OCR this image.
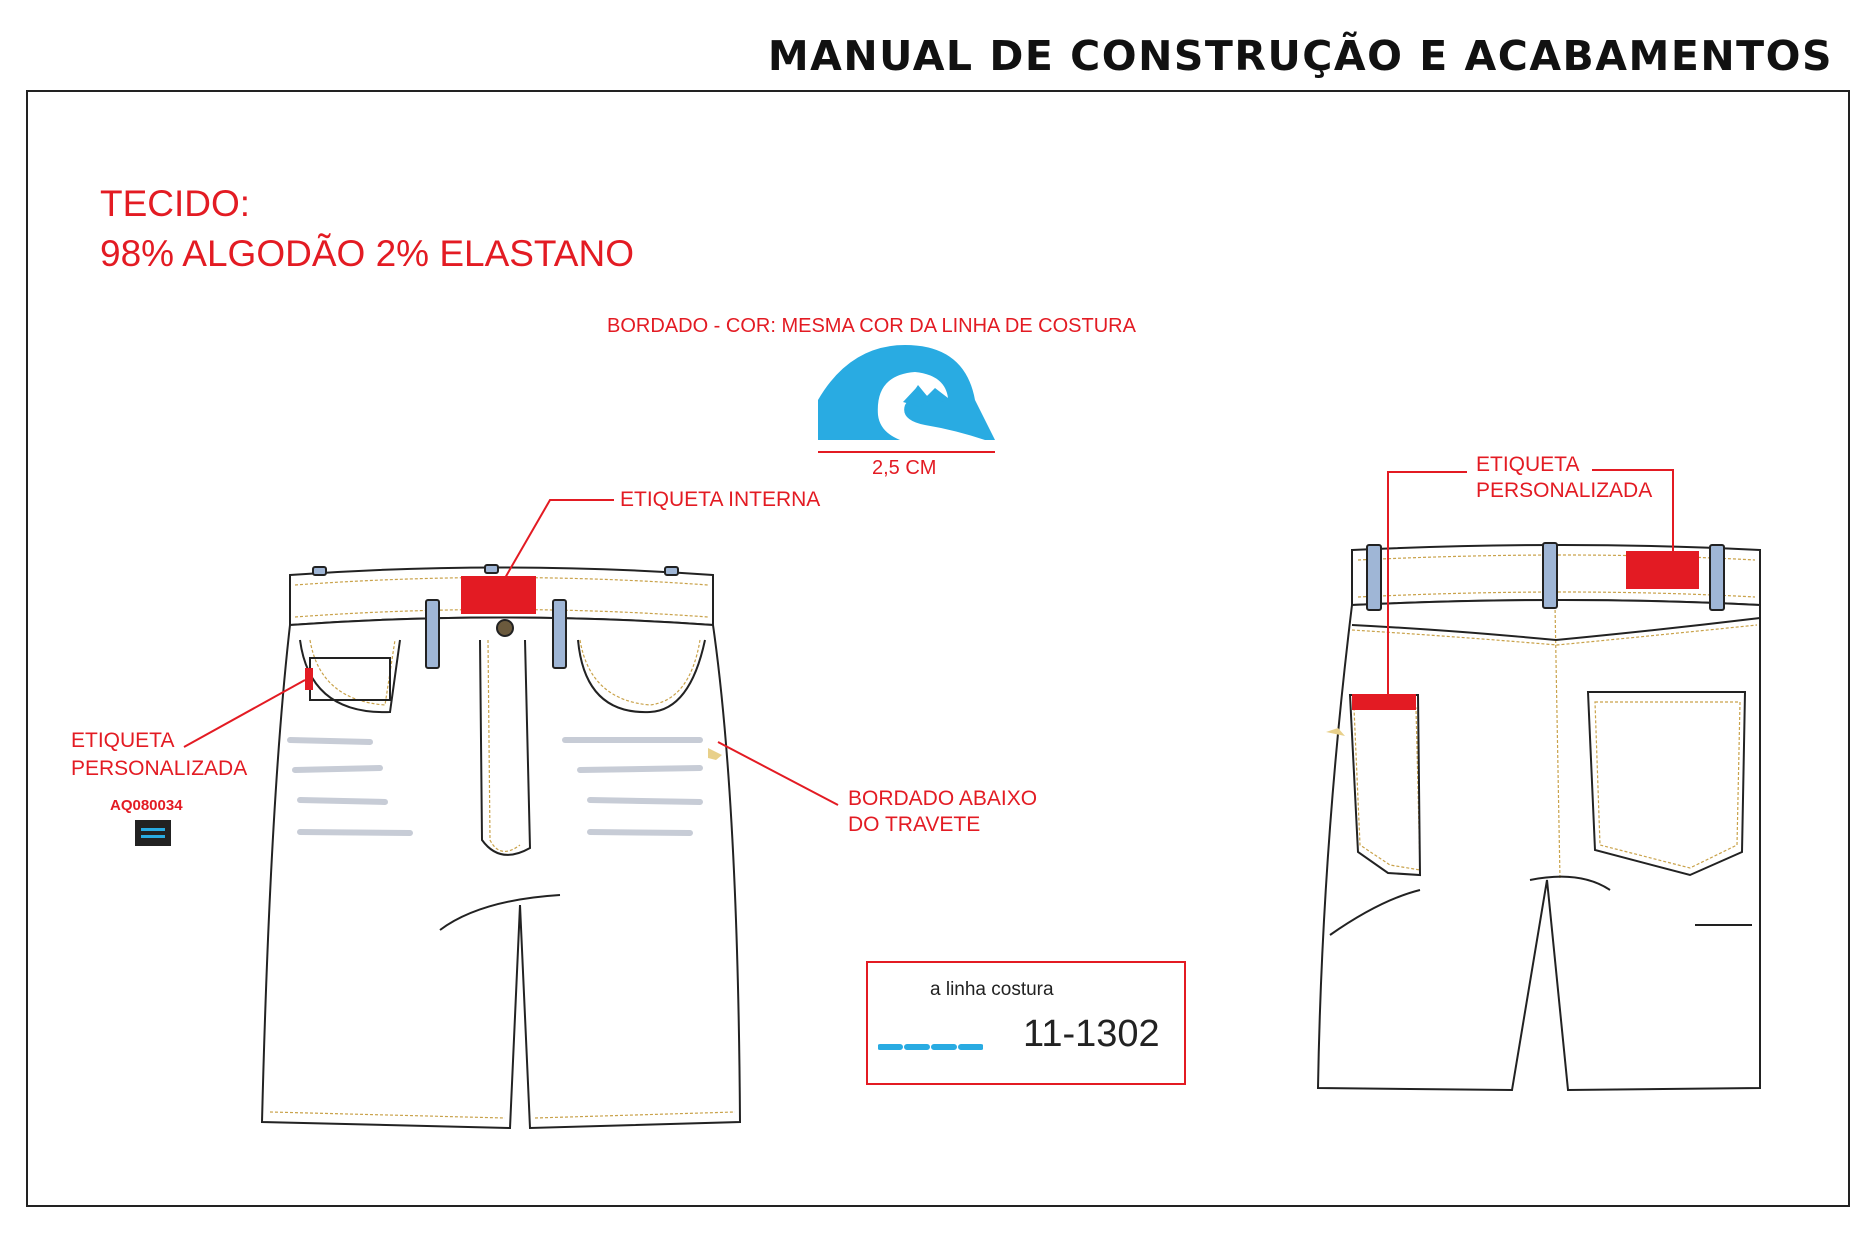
MANUAL DE CONSTRUÇÃO E ACABAMENTOS
TECIDO:
98% ALGODÃO 2% ELASTANO
BORDADO - COR: MESMA COR DA LINHA DE COSTURA
2,5 CM
ETIQUETA INTERNA
ETIQUETA
PERSONALIZADA
AQ080034	BORDADO ABAIXO
DO TRAVETE
ETIQUETA
PERSONALIZADA
a linha costura
11-1302
